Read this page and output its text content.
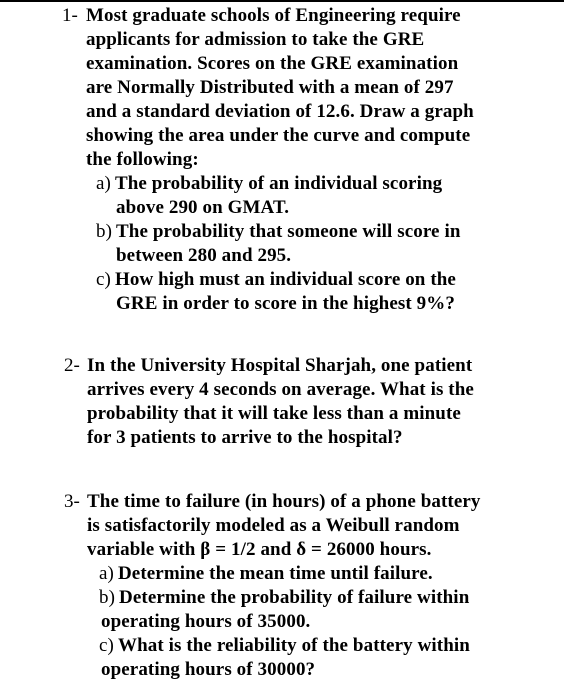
1- Most graduate schools of Engineering require
applicants for admission to take the GRE
examination. Scores on the GRE examination
are Normally Distributed with a mean of 297
and a standard deviation of 12.6. Draw a graph
showing the area under the curve and compute
the following:
a) The probability of an individual scoring
above 290 on GMAT.
b) The probability that someone will score in
between 280 and 295.
c) How high must an individual score on the
GRE in order to score in the highest 9%?
2- In the University Hospital Sharjah, one patient
arrives every 4 seconds on average. What is the
probability that it will take less than a minute
for 3 patients to arrive to the hospital?
3- The time to failure (in hours) of a phone battery
is satisfactorily modeled as a Weibull random
variable with β = 1/2 and δ = 26000 hours.
a) Determine the mean time until failure.
b) Determine the probability of failure within
operating hours of 35000.
c) What is the reliability of the battery within
operating hours of 30000?
